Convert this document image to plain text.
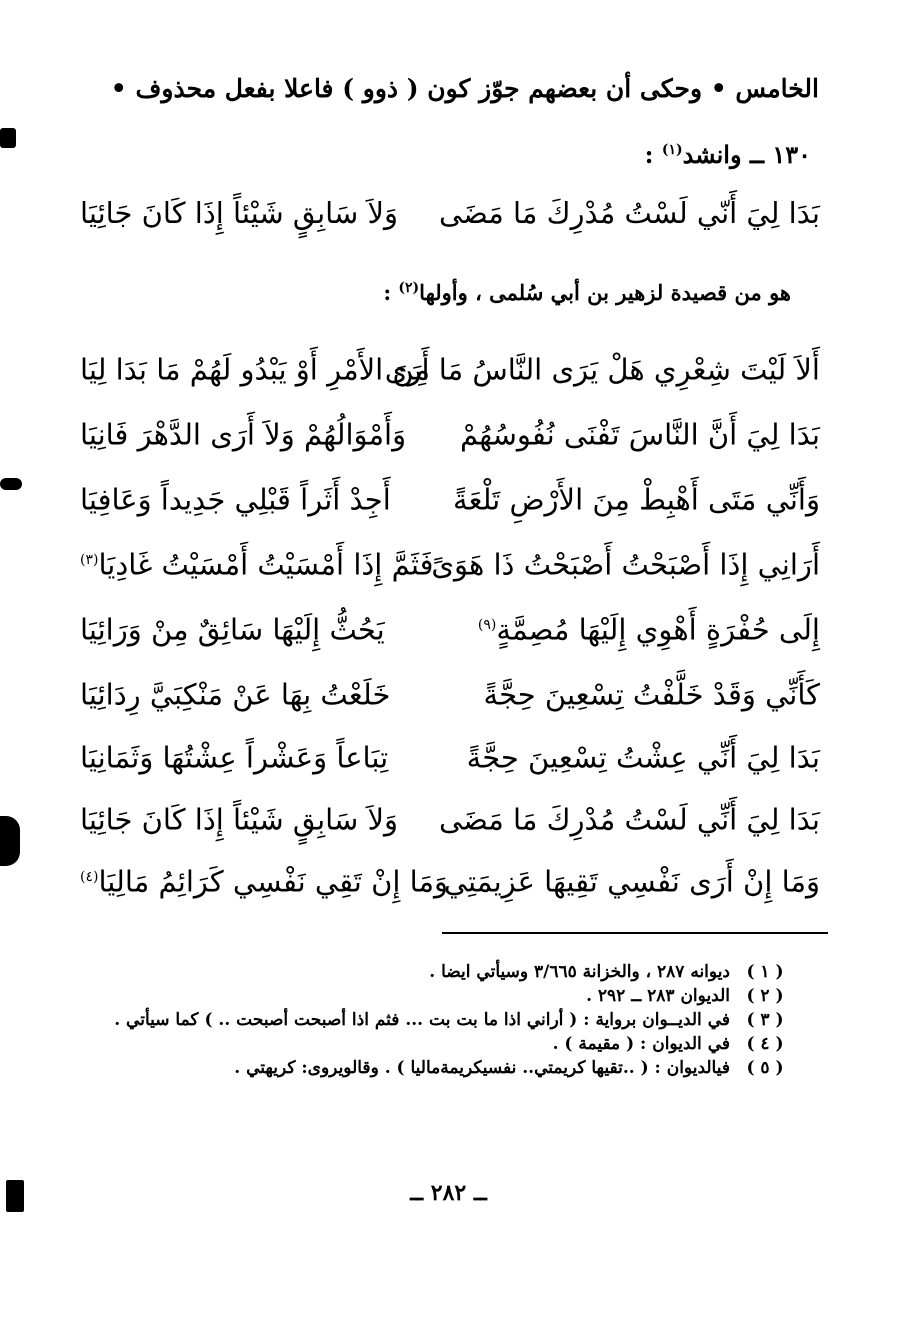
الخامس • وحكى أن بعضهم جوّز كون ( ذوو ) فاعلا بفعل محذوف •
١٣٠ ــ وانشد$^{(١)}$ :
بَدَا لِيَ أَنّي لَسْتُ مُدْرِكَ مَا مَضَى
وَلاَ سَابِقٍ شَيْئاً إِذَا كَانَ جَائِيَا
هو من قصيدة لزهير بن أبي سُلمى ، وأولها$^{(٢)}$ :
أَلاَ لَيْتَ شِعْرِي هَلْ يَرَى النَّاسُ مَا أَرَى
مِنَ الأَمْرِ أَوْ يَبْدُو لَهُمْ مَا بَدَا لِيَا
بَدَا لِيَ أَنَّ النَّاسَ تَفْنَى نُفُوسُهُمْ
وَأَمْوَالُهُمْ وَلاَ أَرَى الدَّهْرَ فَانِيَا
وَأَنِّي مَتَى أَهْبِطْ مِنَ الأَرْضِ تَلْعَةً
أَجِدْ أَثَراً قَبْلِي جَدِيداً وَعَافِيَا
أَرَانِي إِذَا أَصْبَحْتُ أَصْبَحْتُ ذَا هَوَىً
فَثَمَّ إِذَا أَمْسَيْتُ أَمْسَيْتُ غَادِيَا$^{(٣)}$
إِلَى حُفْرَةٍ أَهْوِي إِلَيْهَا مُصِمَّةٍ$^{(٩)}$
يَحُثُّ إِلَيْهَا سَائِقٌ مِنْ وَرَائِيَا
كَأَنِّي وَقَدْ خَلَّفْتُ تِسْعِينَ حِجَّةً
خَلَعْتُ بِهَا عَنْ مَنْكِبَيَّ رِدَائِيَا
بَدَا لِيَ أَنِّي عِشْتُ تِسْعِينَ حِجَّةً
تِبَاعاً وَعَشْراً عِشْتُهَا وَثَمَانِيَا
بَدَا لِيَ أَنِّي لَسْتُ مُدْرِكَ مَا مَضَى
وَلاَ سَابِقٍ شَيْئاً إِذَا كَانَ جَائِيَا
وَمَا إِنْ أَرَى نَفْسِي تَقِيهَا عَزِيمَتِي
وَمَا إِنْ تَقِي نَفْسِي كَرَائِمُ مَالِيَا$^{(٤)}$
( ١ )
ديوانه ٢٨٧ ، والخزانة ٣/٦٦٥ وسيأتي ايضا .
( ٢ )
الديوان ٢٨٣ ــ ٢٩٢ .
( ٣ )
في الديــوان برواية : ( أراني اذا ما بت بت ... فثم اذا أصبحت أصبحت .. ) كما سيأتي .
( ٤ )
في الديوان : ( مقيمة ) .
( ٥ )
فيالديوان : ( ..تقيها كريمتي.. نفسيكريمةماليا ) . وقالويروى: كريهتي .
ــ ٢٨٢ ــ
